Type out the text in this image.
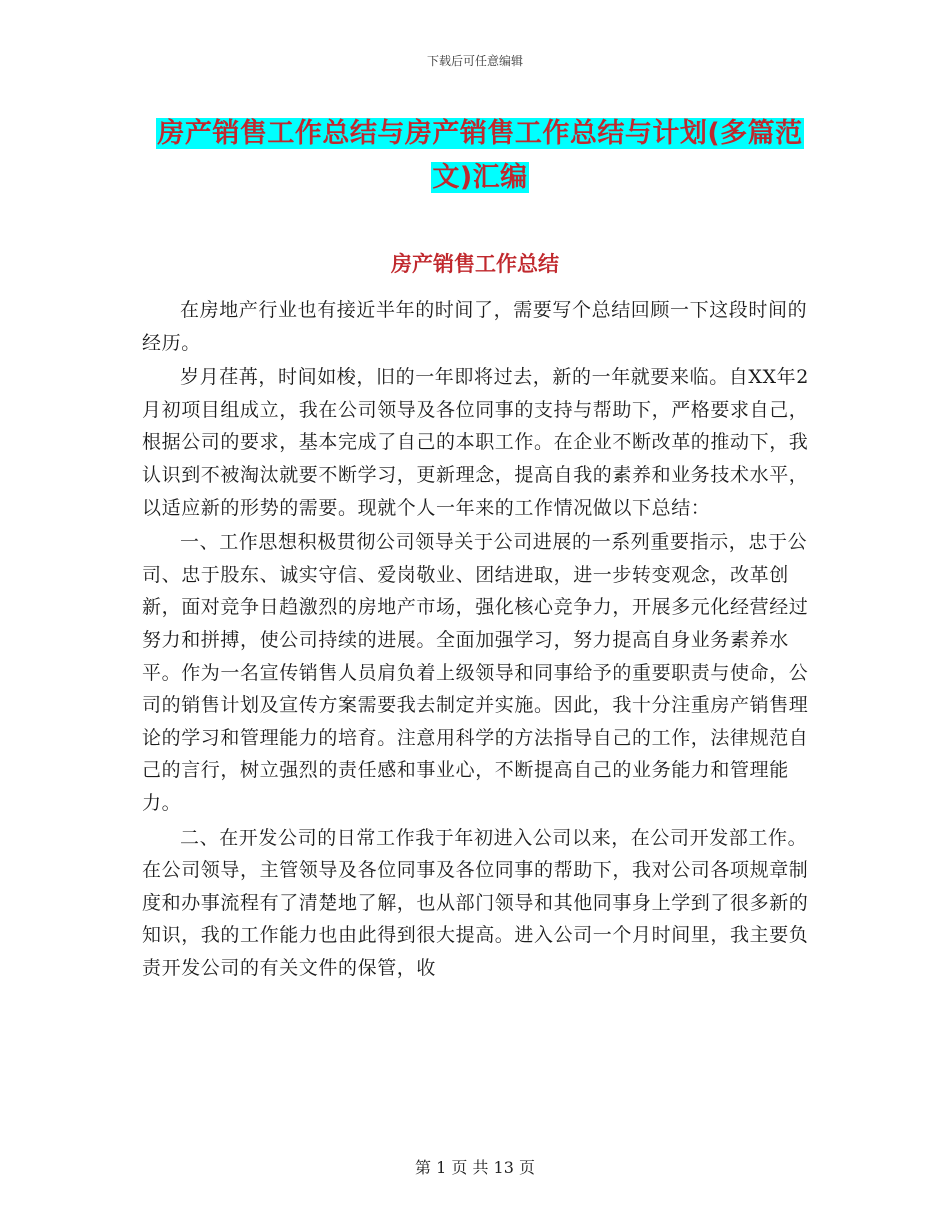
下载后可任意编辑
房产销售工作总结与房产销售工作总结与计划(多篇范
文)汇编
房产销售工作总结

在房地产行业也有接近半年的时间了，需要写个总结回顾一下这段时间的经历。

岁月荏苒，时间如梭，旧的一年即将过去，新的一年就要来临。自XX年2月初项目组成立，我在公司领导及各位同事的支持与帮助下，严格要求自己，根据公司的要求，基本完成了自己的本职工作。在企业不断改革的推动下，我认识到不被淘汰就要不断学习，更新理念，提高自我的素养和业务技术水平，以适应新的形势的需要。现就个人一年来的工作情况做以下总结：

一、工作思想积极贯彻公司领导关于公司进展的一系列重要指示，忠于公司、忠于股东、诚实守信、爱岗敬业、团结进取，进一步转变观念，改革创新，面对竞争日趋激烈的房地产市场，强化核心竞争力，开展多元化经营经过努力和拼搏，使公司持续的进展。全面加强学习，努力提高自身业务素养水平。作为一名宣传销售人员肩负着上级领导和同事给予的重要职责与使命，公司的销售计划及宣传方案需要我去制定并实施。因此，我十分注重房产销售理论的学习和管理能力的培育。注意用科学的方法指导自己的工作，法律规范自己的言行，树立强烈的责任感和事业心，不断提高自己的业务能力和管理能力。

二、在开发公司的日常工作我于年初进入公司以来，在公司开发部工作。在公司领导，主管领导及各位同事及各位同事的帮助下，我对公司各项规章制度和办事流程有了清楚地了解，也从部门领导和其他同事身上学到了很多新的知识，我的工作能力也由此得到很大提高。进入公司一个月时间里，我主要负责开发公司的有关文件的保管，收

第 1 页 共 13 页
